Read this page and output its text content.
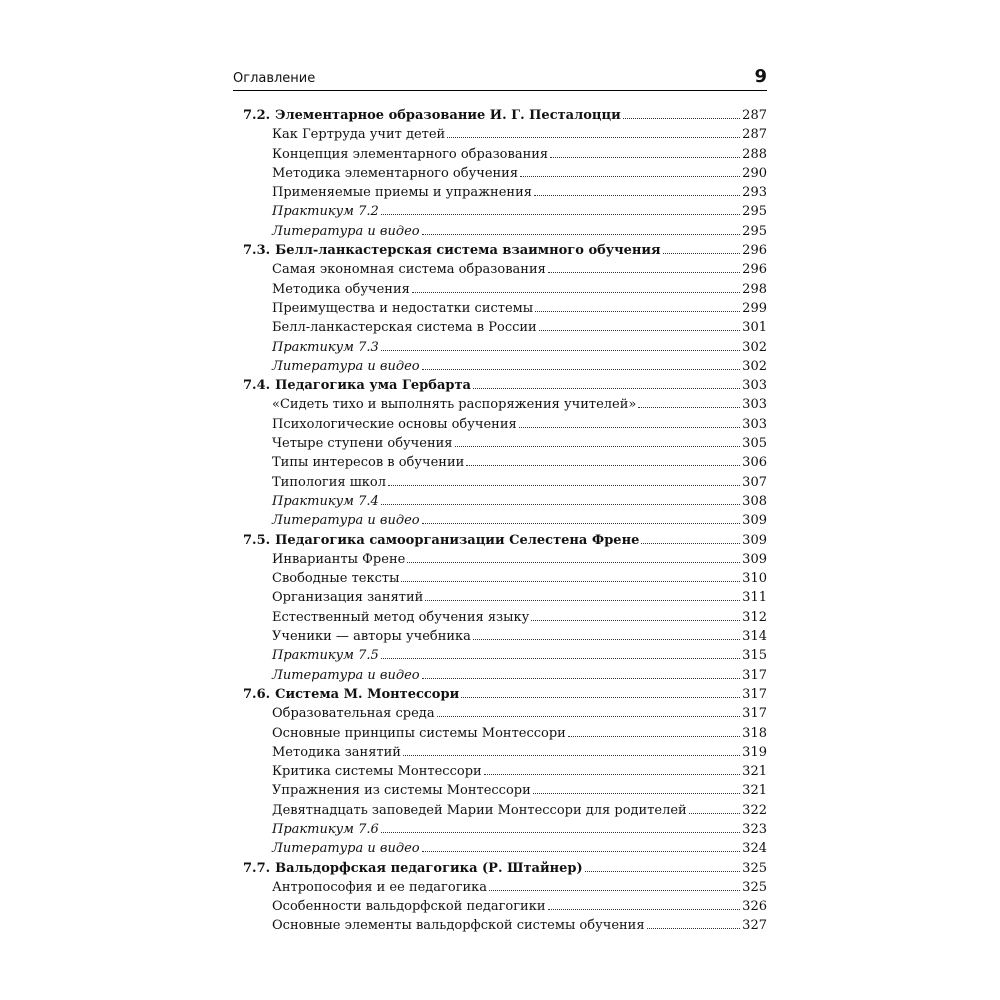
Оглавление	9
7.2. Элементарное образование И. Г. Песталоцци	287
Как Гертруда учит детей	287
Концепция элементарного образования	288
Методика элементарного обучения	290
Применяемые приемы и упражнения	293
Практикум 7.2	295
Литература и видео	295
7.3. Белл-ланкастерская система взаимного обучения	296
Самая экономная система образования	296
Методика обучения	298
Преимущества и недостатки системы	299
Белл-ланкастерская система в России	301
Практикум 7.3	302
Литература и видео	302
7.4. Педагогика ума Гербарта	303
«Сидеть тихо и выполнять распоряжения учителей»	303
Психологические основы обучения	303
Четыре ступени обучения	305
Типы интересов в обучении	306
Типология школ	307
Практикум 7.4	308
Литература и видео	309
7.5. Педагогика самоорганизации Селестена Френе	309
Инварианты Френе	309
Свободные тексты	310
Организация занятий	311
Естественный метод обучения языку	312
Ученики — авторы учебника	314
Практикум 7.5	315
Литература и видео	317
7.6. Система М. Монтессори	317
Образовательная среда	317
Основные принципы системы Монтессори	318
Методика занятий	319
Критика системы Монтессори	321
Упражнения из системы Монтессори	321
Девятнадцать заповедей Марии Монтессори для родителей	322
Практикум 7.6	323
Литература и видео	324
7.7. Вальдорфская педагогика (Р. Штайнер)	325
Антропософия и ее педагогика	325
Особенности вальдорфской педагогики	326
Основные элементы вальдорфской системы обучения	327
